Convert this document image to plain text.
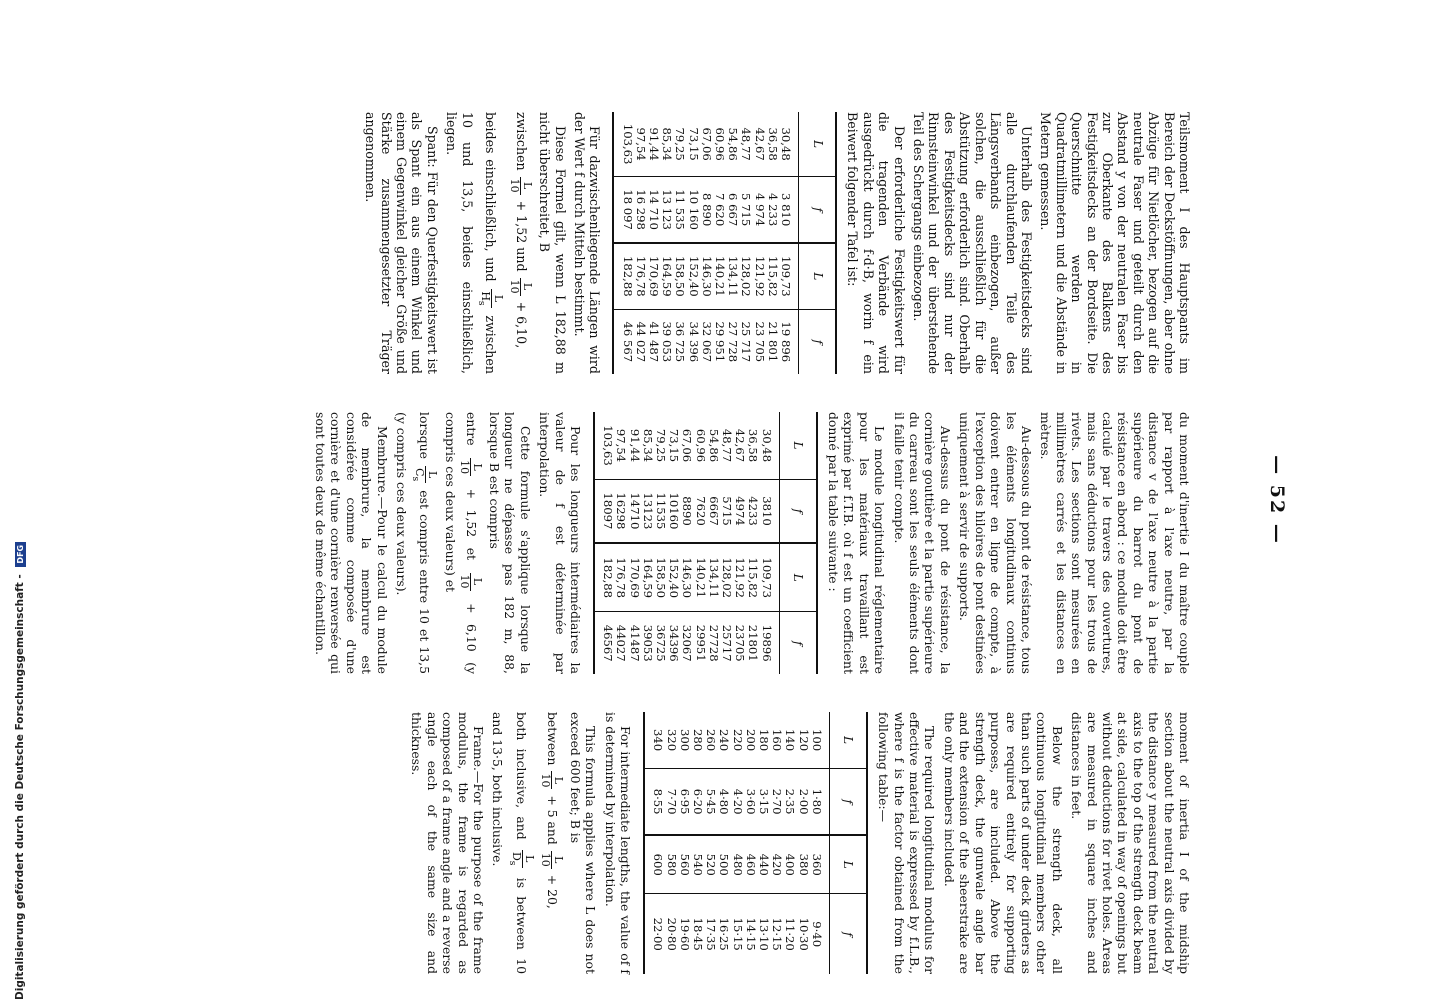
Digitalisierung gefördert durch die Deutsche Forschungsgemeinschaft - DFG
— 52 —

Teilsmoment I des Hauptspants im Bereich der Deckstöffnungen, aber ohne Abzüge für Nietlöcher, bezogen auf die neutrale Faser und geteilt durch den Abstand y von der neutralen Faser bis zur Oberkante des Balkens des Festigkeitsdecks an der Bordseite. Die Querschnitte werden in Quadratmillimetern und die Abstände in Metern gemessen.

Unterhalb des Festigkeitsdecks sind alle durchlaufenden Teile des Längsverbands einbezogen, außer solchen, die ausschließlich für die Abstützung erforderlich sind. Oberhalb des Festigkeitsdecks sind nur der Rinnsteinwinkel und der überstehende Teil des Schergangs einbezogen.

Der erforderliche Festigkeitswert für die tragenden Verbände wird ausgedrückt durch f·d·B, worin f ein Beiwert folgender Tafel ist:

L	f	L	f
30,48	3 810	109,73	19 896
36,58	4 233	115,82	21 801
42,67	4 974	121,92	23 705
48,77	5 715	128,02	25 717
54,86	6 667	134,11	27 728
60,96	7 620	140,21	29 951
67,06	8 890	146,30	32 067
73,15	10 160	152,40	34 396
79,25	11 535	158,50	36 725
85,34	13 123	164,59	39 053
91,44	14 710	170,69	41 487
97,54	16 298	176,78	44 027
103,63	18 097	182,88	46 567

Für dazwischenliegende Längen wird der Wert f durch Mitteln bestimmt.

Diese Formel gilt, wenn L 182,88 m nicht überschreitet, B

zwischen
L
10
+ 1,52 und
L
10
+ 6,10,

beides einschließlich, und
L
$H_s$
zwischen 10 und 13,5, beides einschließlich, liegen.

Spant: Für den Querfestigkeitswert ist als Spant ein aus einem Winkel und einem Gegenwinkel gleicher Größe und Stärke zusammengesetzter Träger angenommen.

du moment d'inertie I du maître couple par rapport à l'axe neutre, par la distance v de l'axe neutre à la partie supérieure du barrot du pont de résistance en abord : ce module doit être calculé par le travers des ouvertures, mais sans déductions pour les trous de rivets. Les sections sont mesurées en millimètres carrés et les distances en mètres.

Au-dessous du pont de résistance, tous les éléments longitudinaux continus doivent entrer en ligne de compte, à l'exception des hiloires de pont destinées uniquement à servir de supports.

Au-dessus du pont de résistance, la cornière gouttière et la partie supérieure du carreau sont les seuls éléments dont il faille tenir compte.

Le module longitudinal réglementaire pour les matériaux travaillant est exprimé par f.T.B. où f est un coefficient donné par la table suivante :

L	f	L	f
30,48	3810	109,73	19896
36,58	4233	115,82	21801
42,67	4974	121,92	23705
48,77	5715	128,02	25717
54,86	6667	134,11	27728
60,96	7620	140,21	29951
67,06	8890	146,30	32067
73,15	10160	152,40	34396
79,25	11535	158,50	36725
85,34	13123	164,59	39053
91,44	14710	170,69	41487
97,54	16298	176,78	44027
103,63	18097	182,88	46567

Pour les longueurs intermédiaires la valeur de f est déterminée par interpolation.

Cette formule s'applique lorsque la longueur ne dépasse pas 182 m, 88, lorsque B est compris

entre
L
10
+ 1,52 et
L
10
+ 6,10 (y compris ces deux valeurs) et

lorsque
L
$C_s$
est compris entre 10 et 13,5 (y compris ces deux valeurs).

Membrure.—Pour le calcul du module de membrure, la membrure est considérée comme composée d'une cornière et d'une cornière renversée qui sont toutes deux de même échantillon.

moment of inertia I of the midship section about the neutral axis divided by the distance y measured from the neutral axis to the top of the strength deck beam at side, calculated in way of openings but without deductions for rivet holes. Areas are measured in square inches and distances in feet.

Below the strength deck, all continuous longitudinal members other than such parts of under deck girders as are required entirely for supporting purposes, are included. Above the strength deck, the gunwale angle bar and the extension of the sheerstrake are the only members included.

The required longitudinal modulus for effective material is expressed by f.L.B., where f is the factor obtained from the following table:—

L	f	L	f
100	1·80	360	9·40
120	2·00	380	10·30
140	2·35	400	11·20
160	2·70	420	12·15
180	3·15	440	13·10
200	3·60	460	14·15
220	4·20	480	15·15
240	4·80	500	16·25
260	5·45	520	17·35
280	6·20	540	18·45
300	6·95	560	19·60
320	7·70	580	20·80
340	8·55	600	22·00

For intermediate lengths, the value of f is determined by interpolation.

This formula applies where L does not exceed 600 feet; B is

between
L
10
+ 5 and
L
10
+ 20,

both inclusive, and
L
$D_s$
is between 10 and 13·5, both inclusive.

Frame.—For the purpose of the frame modulus, the frame is regarded as composed of a frame angle and a reverse angle each of the same size and thickness.
